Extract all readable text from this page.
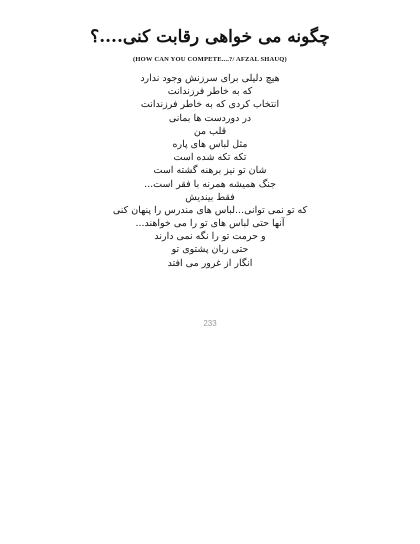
چگونه می خواهی رقابت کنی....؟
(HOW CAN YOU COMPETE....?/ AFZAL SHAUQ)
هیچ دلیلی برای سرزنش وجود ندارد
که به خاطر فرزندانت
انتخاب کردی که به خاطر فرزندانت
در دوردست ها بمانی
قلب من
مثل لباس های پاره
تکه تکه شده است
شان تو نیز برهنه گشته است
جنگ همیشه همرنه با فقر است...
فقط بیندیش
که تو نمی توانی...لباس های مندرس را پنهان کنی
آنها حتی لباس های تو را می خواهند...
و حرمت تو را نگه نمی دارند
حتی زبان پشتوی تو
انگار از غرور می افتد
233
